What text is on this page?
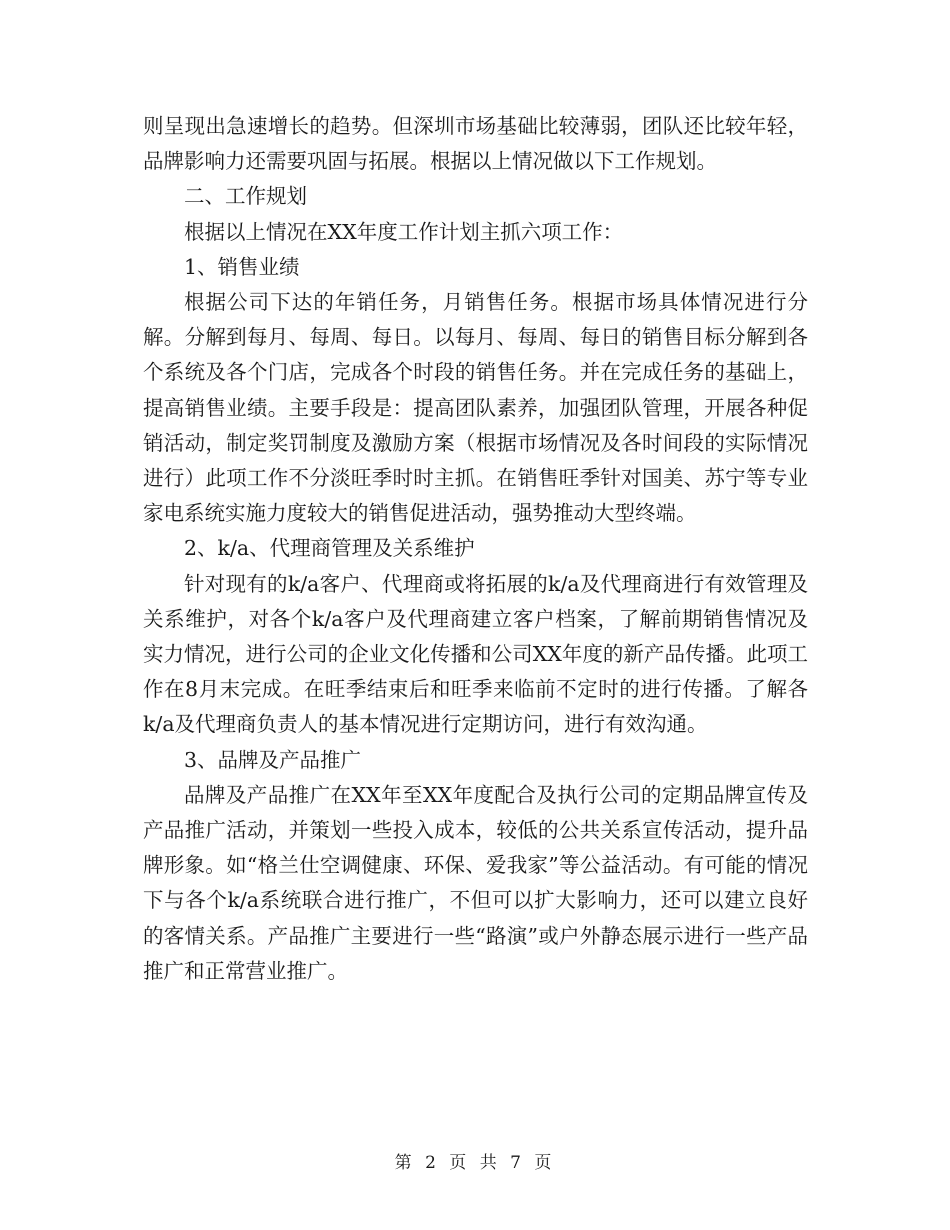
则呈现出急速增长的趋势。但深圳市场基础比较薄弱，团队还比较年轻，品牌影响力还需要巩固与拓展。根据以上情况做以下工作规划。

二、工作规划

根据以上情况在XX年度工作计划主抓六项工作：

1、销售业绩

根据公司下达的年销任务，月销售任务。根据市场具体情况进行分解。分解到每月、每周、每日。以每月、每周、每日的销售目标分解到各个系统及各个门店，完成各个时段的销售任务。并在完成任务的基础上，提高销售业绩。主要手段是：提高团队素养，加强团队管理，开展各种促销活动，制定奖罚制度及激励方案（根据市场情况及各时间段的实际情况进行）此项工作不分淡旺季时时主抓。在销售旺季针对国美、苏宁等专业家电系统实施力度较大的销售促进活动，强势推动大型终端。

2、k/a、代理商管理及关系维护

针对现有的k/a客户、代理商或将拓展的k/a及代理商进行有效管理及关系维护，对各个k/a客户及代理商建立客户档案，了解前期销售情况及实力情况，进行公司的企业文化传播和公司XX年度的新产品传播。此项工作在8月末完成。在旺季结束后和旺季来临前不定时的进行传播。了解各k/a及代理商负责人的基本情况进行定期访问，进行有效沟通。

3、品牌及产品推广

品牌及产品推广在XX年至XX年度配合及执行公司的定期品牌宣传及产品推广活动，并策划一些投入成本，较低的公共关系宣传活动，提升品牌形象。如“格兰仕空调健康、环保、爱我家”等公益活动。有可能的情况下与各个k/a系统联合进行推广，不但可以扩大影响力，还可以建立良好的客情关系。产品推广主要进行一些“路演”或户外静态展示进行一些产品推广和正常营业推广。

第 2 页 共 7 页
